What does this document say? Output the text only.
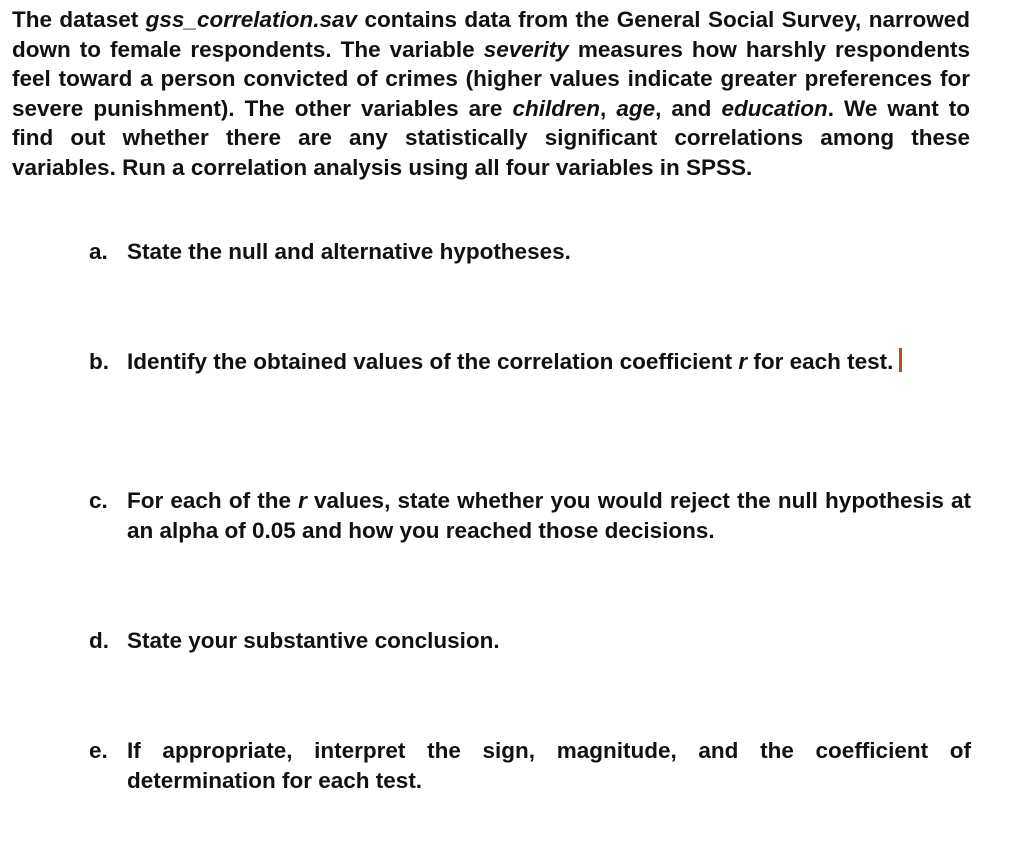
The dataset gss_correlation.sav contains data from the General Social Survey, narrowed down to female respondents. The variable severity measures how harshly respondents feel toward a person convicted of crimes (higher values indicate greater preferences for severe punishment). The other variables are children, age, and education. We want to find out whether there are any statistically significant correlations among these variables. Run a correlation analysis using all four variables in SPSS.

a. State the null and alternative hypotheses.
b. Identify the obtained values of the correlation coefficient r for each test.
c. For each of the r values, state whether you would reject the null hypothesis at an alpha of 0.05 and how you reached those decisions.
d. State your substantive conclusion.
e. If appropriate, interpret the sign, magnitude, and the coefficient of determination for each test.
